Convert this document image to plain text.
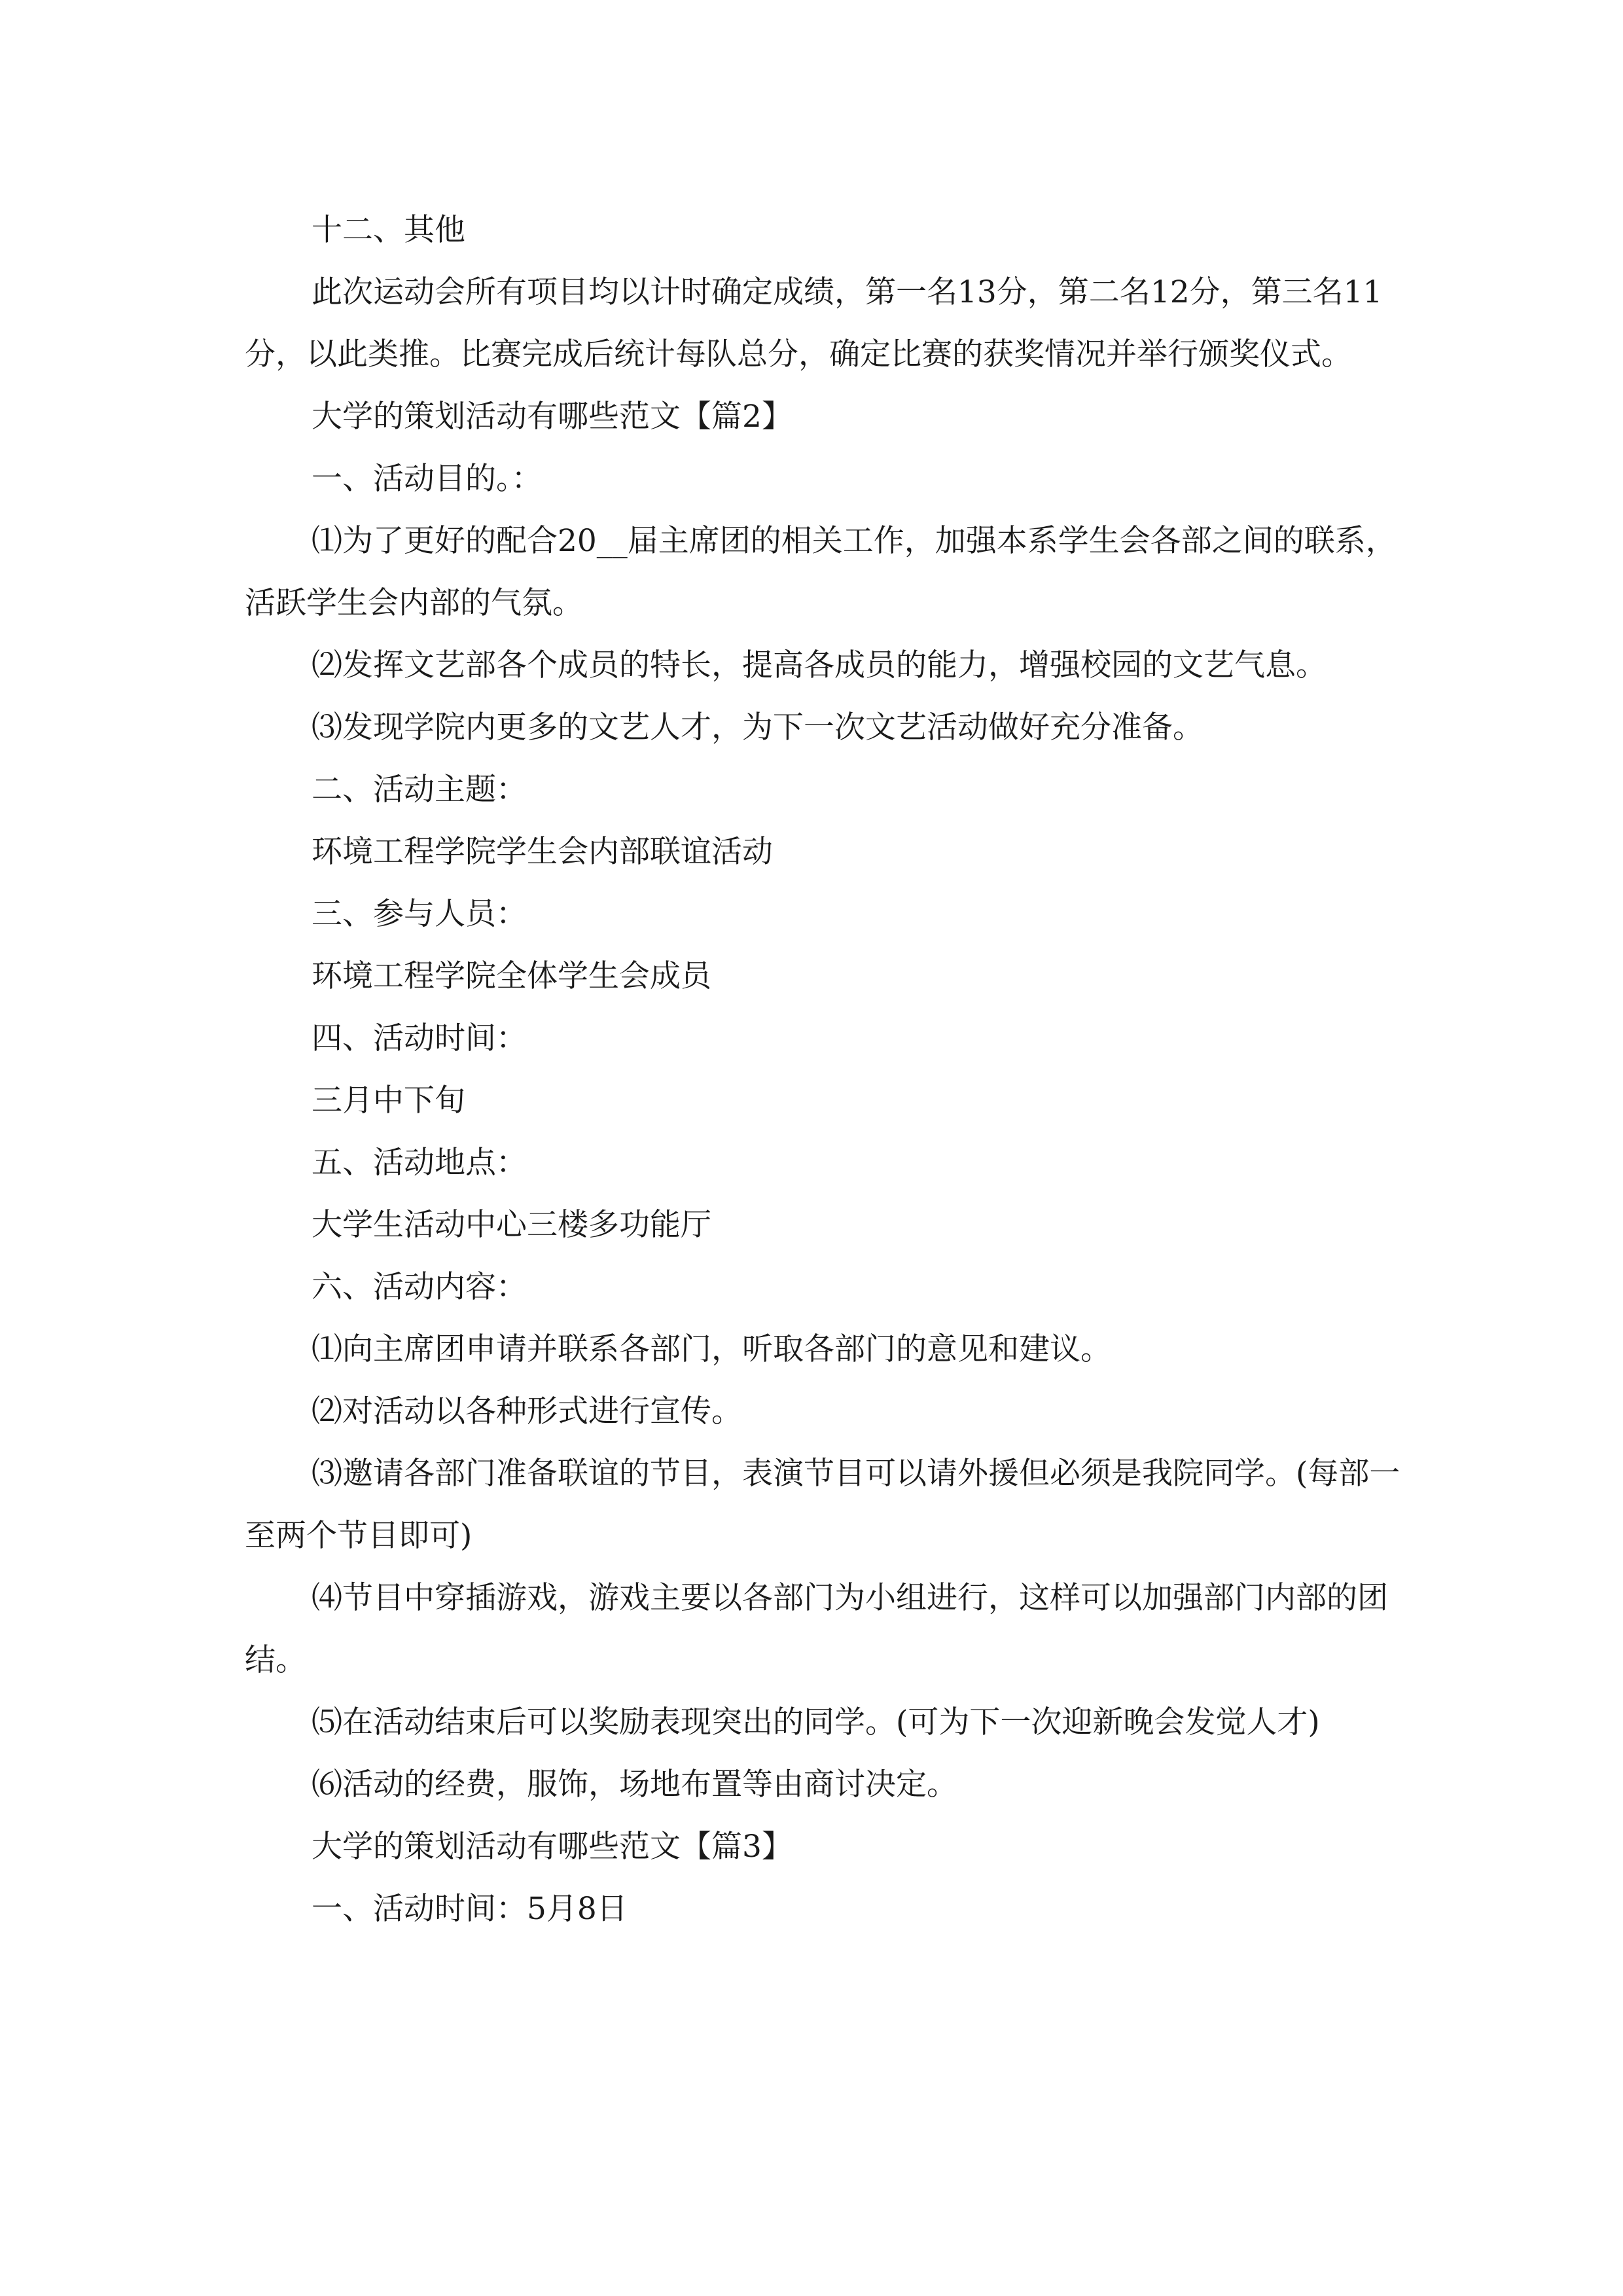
十二、其他

此次运动会所有项目均以计时确定成绩，第一名13分，第二名12分，第三名11分，以此类推。比赛完成后统计每队总分，确定比赛的获奖情况并举行颁奖仪式。

大学的策划活动有哪些范文【篇2】

一、活动目的。：

⑴为了更好的配合20__届主席团的相关工作，加强本系学生会各部之间的联系，活跃学生会内部的气氛。

⑵发挥文艺部各个成员的特长，提高各成员的能力，增强校园的文艺气息。

⑶发现学院内更多的文艺人才，为下一次文艺活动做好充分准备。

二、活动主题：

环境工程学院学生会内部联谊活动

三、参与人员：

环境工程学院全体学生会成员

四、活动时间：

三月中下旬

五、活动地点：

大学生活动中心三楼多功能厅

六、活动内容：

⑴向主席团申请并联系各部门，听取各部门的意见和建议。

⑵对活动以各种形式进行宣传。

⑶邀请各部门准备联谊的节目，表演节目可以请外援但必须是我院同学。(每部一至两个节目即可)

⑷节目中穿插游戏，游戏主要以各部门为小组进行，这样可以加强部门内部的团结。

⑸在活动结束后可以奖励表现突出的同学。(可为下一次迎新晚会发觉人才)

⑹活动的经费，服饰，场地布置等由商讨决定。

大学的策划活动有哪些范文【篇3】

一、活动时间：5月8日
